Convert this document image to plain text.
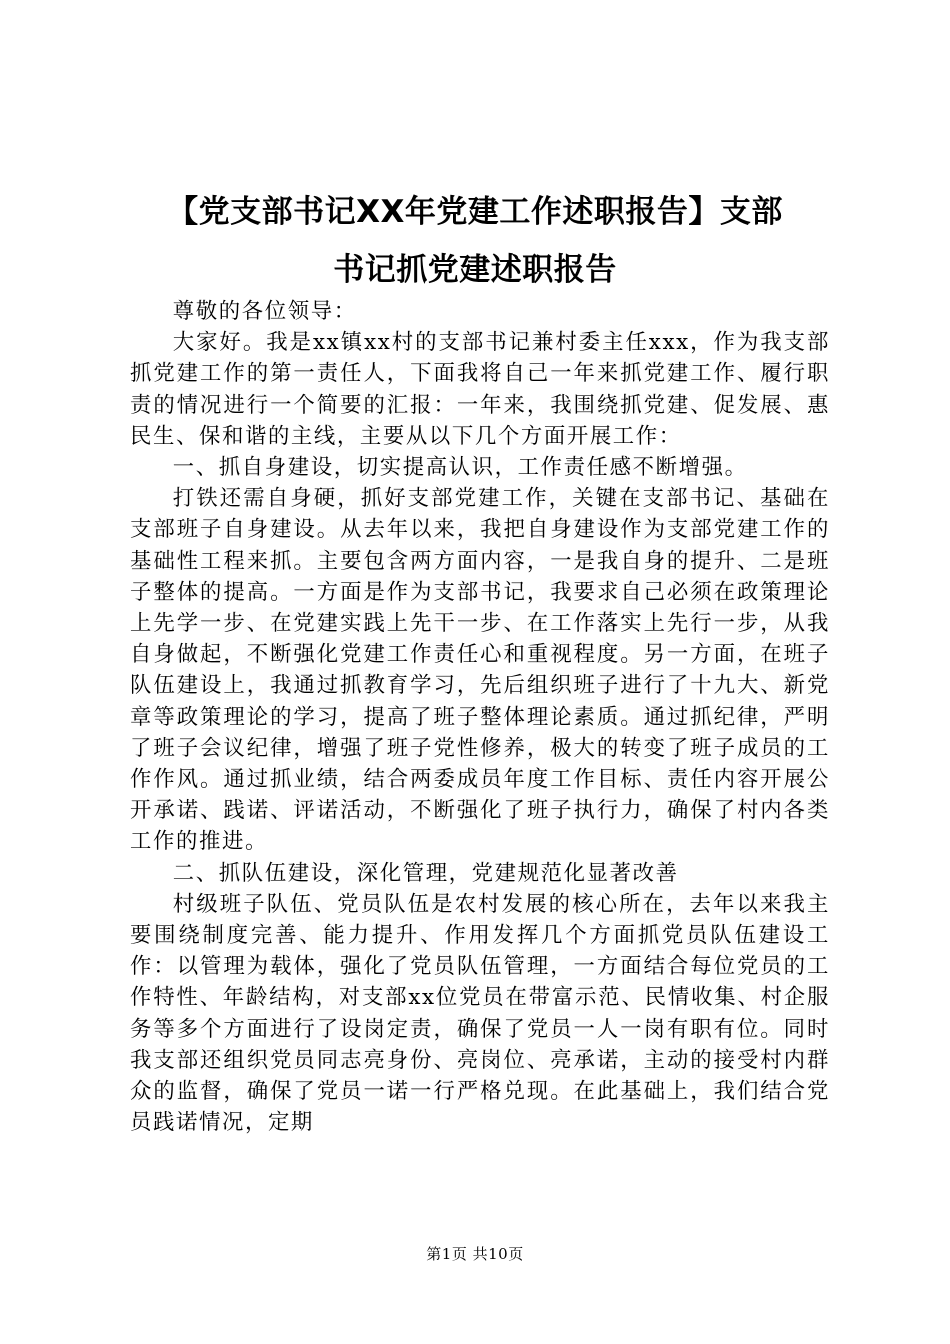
【党支部书记XX年党建工作述职报告】支部
书记抓党建述职报告

尊敬的各位领导：

大家好。我是xx镇xx村的支部书记兼村委主任xxx，作为我支部抓党建工作的第一责任人，下面我将自己一年来抓党建工作、履行职责的情况进行一个简要的汇报：一年来，我围绕抓党建、促发展、惠民生、保和谐的主线，主要从以下几个方面开展工作：

一、抓自身建设，切实提高认识，工作责任感不断增强。

打铁还需自身硬，抓好支部党建工作，关键在支部书记、基础在支部班子自身建设。从去年以来，我把自身建设作为支部党建工作的基础性工程来抓。主要包含两方面内容，一是我自身的提升、二是班子整体的提高。一方面是作为支部书记，我要求自己必须在政策理论上先学一步、在党建实践上先干一步、在工作落实上先行一步，从我自身做起，不断强化党建工作责任心和重视程度。另一方面，在班子队伍建设上，我通过抓教育学习，先后组织班子进行了十九大、新党章等政策理论的学习，提高了班子整体理论素质。通过抓纪律，严明了班子会议纪律，增强了班子党性修养，极大的转变了班子成员的工作作风。通过抓业绩，结合两委成员年度工作目标、责任内容开展公开承诺、践诺、评诺活动，不断强化了班子执行力，确保了村内各类工作的推进。

二、抓队伍建设，深化管理，党建规范化显著改善

村级班子队伍、党员队伍是农村发展的核心所在，去年以来我主要围绕制度完善、能力提升、作用发挥几个方面抓党员队伍建设工作：以管理为载体，强化了党员队伍管理，一方面结合每位党员的工作特性、年龄结构，对支部xx位党员在带富示范、民情收集、村企服务等多个方面进行了设岗定责，确保了党员一人一岗有职有位。同时我支部还组织党员同志亮身份、亮岗位、亮承诺，主动的接受村内群众的监督，确保了党员一诺一行严格兑现。在此基础上，我们结合党员践诺情况，定期

第1页 共10页
